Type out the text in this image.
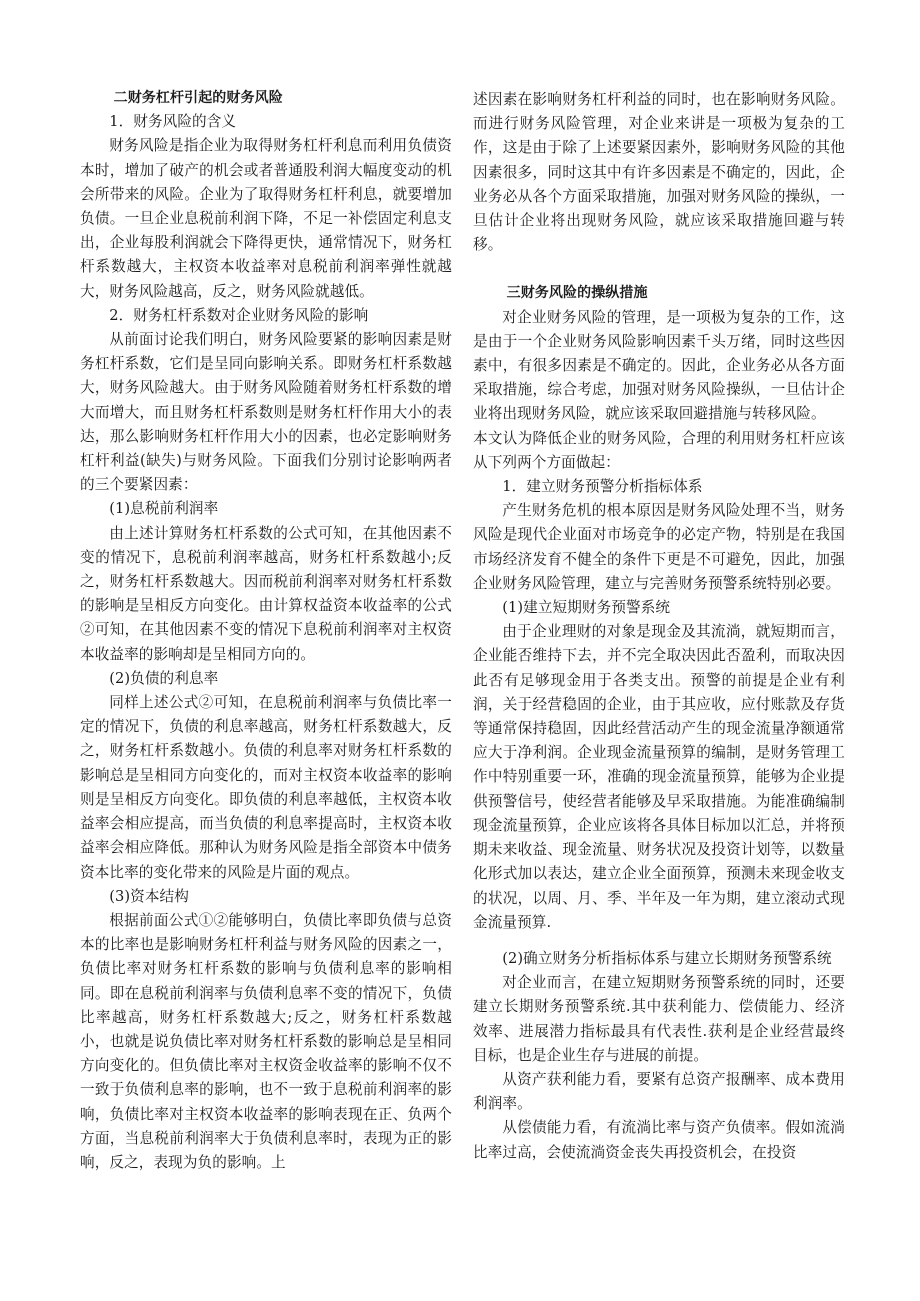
二财务杠杆引起的财务风险

1．财务风险的含义

财务风险是指企业为取得财务杠杆利息而利用负债资本时，增加了破产的机会或者普通股利润大幅度变动的机会所带来的风险。企业为了取得财务杠杆利息，就要增加负债。一旦企业息税前利润下降，不足一补偿固定利息支出，企业每股利润就会下降得更快，通常情况下，财务杠杆系数越大，主权资本收益率对息税前利润率弹性就越大，财务风险越高，反之，财务风险就越低。

2．财务杠杆系数对企业财务风险的影响

从前面讨论我们明白，财务风险要紧的影响因素是财务杠杆系数，它们是呈同向影响关系。即财务杠杆系数越大，财务风险越大。由于财务风险随着财务杠杆系数的增大而增大，而且财务杠杆系数则是财务杠杆作用大小的表达，那么影响财务杠杆作用大小的因素，也必定影响财务杠杆利益(缺失)与财务风险。下面我们分别讨论影响两者的三个要紧因素：

(1)息税前利润率

由上述计算财务杠杆系数的公式可知，在其他因素不变的情况下，息税前利润率越高，财务杠杆系数越小;反之，财务杠杆系数越大。因而税前利润率对财务杠杆系数的影响是呈相反方向变化。由计算权益资本收益率的公式②可知，在其他因素不变的情况下息税前利润率对主权资本收益率的影响却是呈相同方向的。

(2)负债的利息率

同样上述公式②可知，在息税前利润率与负债比率一定的情况下，负债的利息率越高，财务杠杆系数越大，反之，财务杠杆系数越小。负债的利息率对财务杠杆系数的影响总是呈相同方向变化的，而对主权资本收益率的影响则是呈相反方向变化。即负债的利息率越低，主权资本收益率会相应提高，而当负债的利息率提高时，主权资本收益率会相应降低。那种认为财务风险是指全部资本中债务资本比率的变化带来的风险是片面的观点。

(3)资本结构

根据前面公式①②能够明白，负债比率即负债与总资本的比率也是影响财务杠杆利益与财务风险的因素之一，负债比率对财务杠杆系数的影响与负债利息率的影响相同。即在息税前利润率与负债利息率不变的情况下，负债比率越高，财务杠杆系数越大;反之，财务杠杆系数越小，也就是说负债比率对财务杠杆系数的影响总是呈相同方向变化的。但负债比率对主权资金收益率的影响不仅不一致于负债利息率的影响，也不一致于息税前利润率的影响，负债比率对主权资本收益率的影响表现在正、负两个方面，当息税前利润率大于负债利息率时，表现为正的影响，反之，表现为负的影响。上

述因素在影响财务杠杆利益的同时，也在影响财务风险。而进行财务风险管理，对企业来讲是一项极为复杂的工作，这是由于除了上述要紧因素外，影响财务风险的其他因素很多，同时这其中有许多因素是不确定的，因此，企业务必从各个方面采取措施，加强对财务风险的操纵，一旦估计企业将出现财务风险，就应该采取措施回避与转移。

三财务风险的操纵措施

对企业财务风险的管理，是一项极为复杂的工作，这是由于一个企业财务风险影响因素千头万绪，同时这些因素中，有很多因素是不确定的。因此，企业务必从各方面采取措施，综合考虑，加强对财务风险操纵，一旦估计企业将出现财务风险，就应该采取回避措施与转移风险。

本文认为降低企业的财务风险，合理的利用财务杠杆应该从下列两个方面做起：

1．建立财务预警分析指标体系

产生财务危机的根本原因是财务风险处理不当，财务风险是现代企业面对市场竞争的必定产物，特别是在我国市场经济发育不健全的条件下更是不可避免，因此，加强企业财务风险管理，建立与完善财务预警系统特别必要。

(1)建立短期财务预警系统

由于企业理财的对象是现金及其流淌，就短期而言，企业能否维持下去，并不完全取决因此否盈利，而取决因此否有足够现金用于各类支出。预警的前提是企业有利润，关于经营稳固的企业，由于其应收，应付账款及存货等通常保持稳固，因此经营活动产生的现金流量净额通常应大于净利润。企业现金流量预算的编制，是财务管理工作中特别重要一环，准确的现金流量预算，能够为企业提供预警信号，使经营者能够及早采取措施。为能准确编制现金流量预算，企业应该将各具体目标加以汇总，并将预期未来收益、现金流量、财务状况及投资计划等，以数量化形式加以表达，建立企业全面预算，预测未来现金收支的状况，以周、月、季、半年及一年为期，建立滚动式现金流量预算.

(2)确立财务分析指标体系与建立长期财务预警系统

对企业而言，在建立短期财务预警系统的同时，还要建立长期财务预警系统.其中获利能力、偿债能力、经济效率、进展潜力指标最具有代表性.获利是企业经营最终目标，也是企业生存与进展的前提。

从资产获利能力看，要紧有总资产报酬率、成本费用利润率。

从偿债能力看，有流淌比率与资产负债率。假如流淌比率过高，会使流淌资金丧失再投资机会，在投资
